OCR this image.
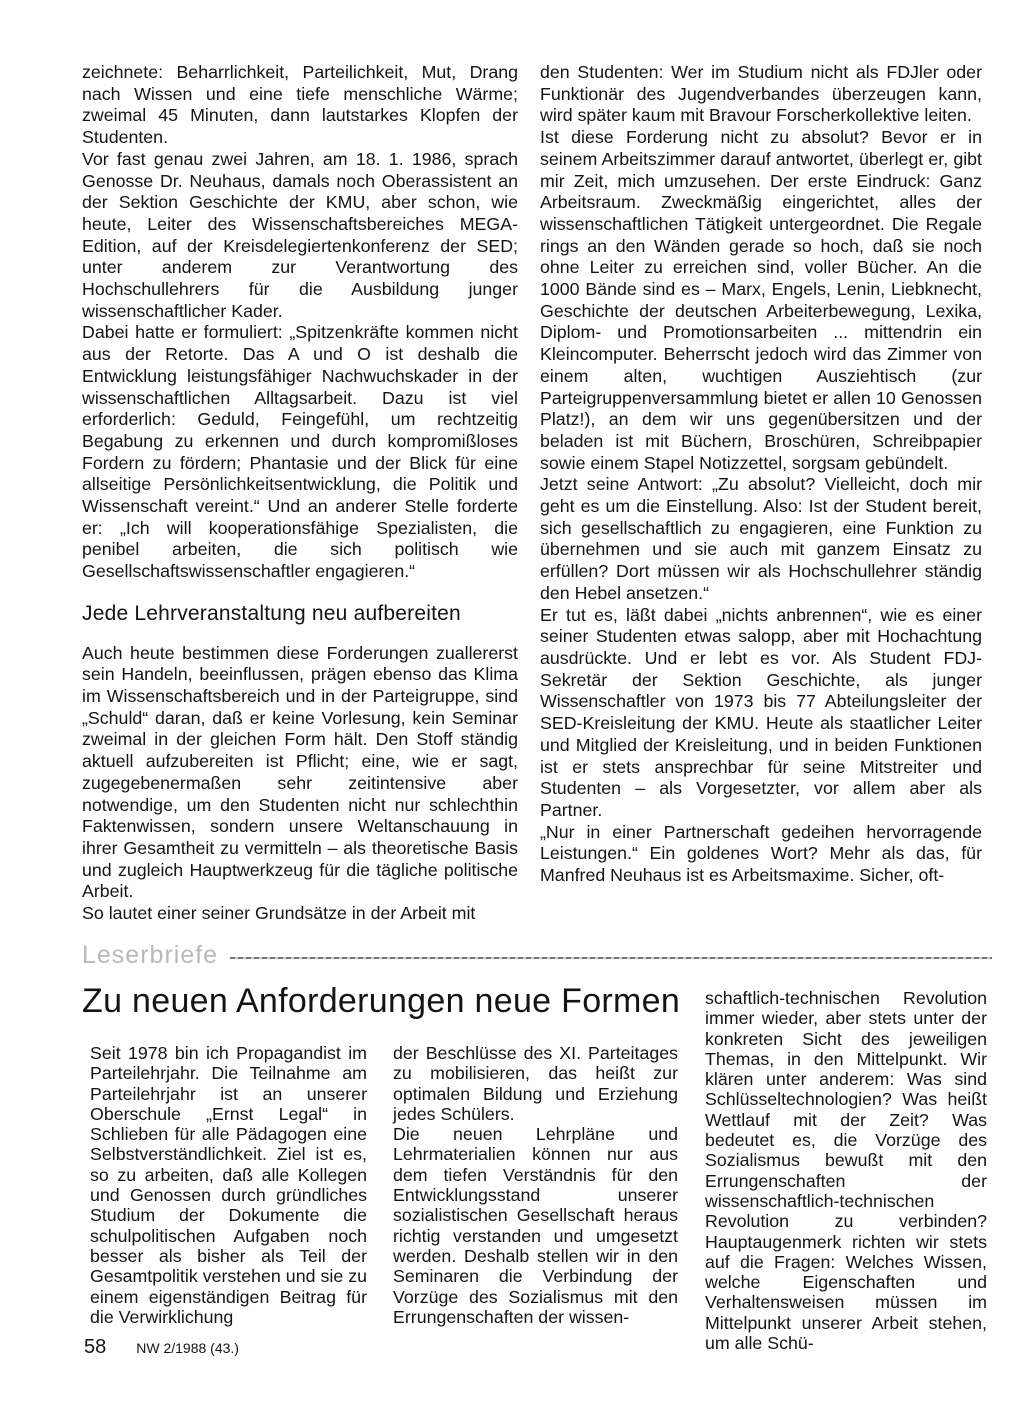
zeichnete: Beharrlichkeit, Parteilichkeit, Mut, Drang nach Wissen und eine tiefe menschliche Wärme; zweimal 45 Minuten, dann lautstarkes Klopfen der Studenten.

Vor fast genau zwei Jahren, am 18. 1. 1986, sprach Genosse Dr. Neuhaus, damals noch Oberassistent an der Sektion Geschichte der KMU, aber schon, wie heute, Leiter des Wissenschaftsbereiches MEGA-Edition, auf der Kreisdelegiertenkonferenz der SED; unter anderem zur Verantwortung des Hochschullehrers für die Ausbildung junger wissenschaftlicher Kader.

Dabei hatte er formuliert: „Spitzenkräfte kommen nicht aus der Retorte. Das A und O ist deshalb die Entwicklung leistungsfähiger Nachwuchskader in der wissenschaftlichen Alltagsarbeit. Dazu ist viel erforderlich: Geduld, Feingefühl, um rechtzeitig Begabung zu erkennen und durch kompromißloses Fordern zu fördern; Phantasie und der Blick für eine allseitige Persönlichkeitsentwicklung, die Politik und Wissenschaft vereint.“ Und an anderer Stelle forderte er: „Ich will kooperationsfähige Spezialisten, die penibel arbeiten, die sich politisch wie Gesellschaftswissenschaftler engagieren.“

Jede Lehrveranstaltung neu aufbereiten

Auch heute bestimmen diese Forderungen zuallererst sein Handeln, beeinflussen, prägen ebenso das Klima im Wissenschaftsbereich und in der Parteigruppe, sind „Schuld“ daran, daß er keine Vorlesung, kein Seminar zweimal in der gleichen Form hält. Den Stoff ständig aktuell aufzubereiten ist Pflicht; eine, wie er sagt, zugegebenermaßen sehr zeitintensive aber notwendige, um den Studenten nicht nur schlechthin Faktenwissen, sondern unsere Weltanschauung in ihrer Gesamtheit zu vermitteln – als theoretische Basis und zugleich Hauptwerkzeug für die tägliche politische Arbeit.

So lautet einer seiner Grundsätze in der Arbeit mit

den Studenten: Wer im Studium nicht als FDJler oder Funktionär des Jugendverbandes überzeugen kann, wird später kaum mit Bravour Forscherkollektive leiten.

Ist diese Forderung nicht zu absolut? Bevor er in seinem Arbeitszimmer darauf antwortet, überlegt er, gibt mir Zeit, mich umzusehen. Der erste Eindruck: Ganz Arbeitsraum. Zweckmäßig eingerichtet, alles der wissenschaftlichen Tätigkeit untergeordnet. Die Regale rings an den Wänden gerade so hoch, daß sie noch ohne Leiter zu erreichen sind, voller Bücher. An die 1000 Bände sind es – Marx, Engels, Lenin, Liebknecht, Geschichte der deutschen Arbeiterbewegung, Lexika, Diplom- und Promotionsarbeiten ... mittendrin ein Kleincomputer. Beherrscht jedoch wird das Zimmer von einem alten, wuchtigen Ausziehtisch (zur Parteigruppenversammlung bietet er allen 10 Genossen Platz!), an dem wir uns gegenübersitzen und der beladen ist mit Büchern, Broschüren, Schreibpapier sowie einem Stapel Notizzettel, sorgsam gebündelt.

Jetzt seine Antwort: „Zu absolut? Vielleicht, doch mir geht es um die Einstellung. Also: Ist der Student bereit, sich gesellschaftlich zu engagieren, eine Funktion zu übernehmen und sie auch mit ganzem Einsatz zu erfüllen? Dort müssen wir als Hochschullehrer ständig den Hebel ansetzen.“

Er tut es, läßt dabei „nichts anbrennen“, wie es einer seiner Studenten etwas salopp, aber mit Hochachtung ausdrückte. Und er lebt es vor. Als Student FDJ-Sekretär der Sektion Geschichte, als junger Wissenschaftler von 1973 bis 77 Abteilungsleiter der SED-Kreisleitung der KMU. Heute als staatlicher Leiter und Mitglied der Kreisleitung, und in beiden Funktionen ist er stets ansprechbar für seine Mitstreiter und Studenten – als Vorgesetzter, vor allem aber als Partner.

„Nur in einer Partnerschaft gedeihen hervorragende Leistungen.“ Ein goldenes Wort? Mehr als das, für Manfred Neuhaus ist es Arbeitsmaxime. Sicher, oft-

Leserbriefe
Zu neuen Anforderungen neue Formen

Seit 1978 bin ich Propagandist im Parteilehrjahr. Die Teilnahme am Parteilehrjahr ist an unserer Oberschule „Ernst Legal“ in Schlieben für alle Pädagogen eine Selbstverständlichkeit. Ziel ist es, so zu arbeiten, daß alle Kollegen und Genossen durch gründliches Studium der Dokumente die schulpolitischen Aufgaben noch besser als bisher als Teil der Gesamtpolitik verstehen und sie zu einem eigenständigen Beitrag für die Verwirklichung

der Beschlüsse des XI. Parteitages zu mobilisieren, das heißt zur optimalen Bildung und Erziehung jedes Schülers.

Die neuen Lehrpläne und Lehrmaterialien können nur aus dem tiefen Verständnis für den Entwicklungsstand unserer sozialistischen Gesellschaft heraus richtig verstanden und umgesetzt werden. Deshalb stellen wir in den Seminaren die Verbindung der Vorzüge des Sozialismus mit den Errungenschaften der wissen-

schaftlich-technischen Revolution immer wieder, aber stets unter der konkreten Sicht des jeweiligen Themas, in den Mittelpunkt. Wir klären unter anderem: Was sind Schlüsseltechnologien? Was heißt Wettlauf mit der Zeit? Was bedeutet es, die Vorzüge des Sozialismus bewußt mit den Errungenschaften der wissenschaftlich-technischen Revolution zu verbinden? Hauptaugenmerk richten wir stets auf die Fragen: Welches Wissen, welche Eigenschaften und Verhaltensweisen müssen im Mittelpunkt unserer Arbeit stehen, um alle Schü-

58 NW 2/1988 (43.)
